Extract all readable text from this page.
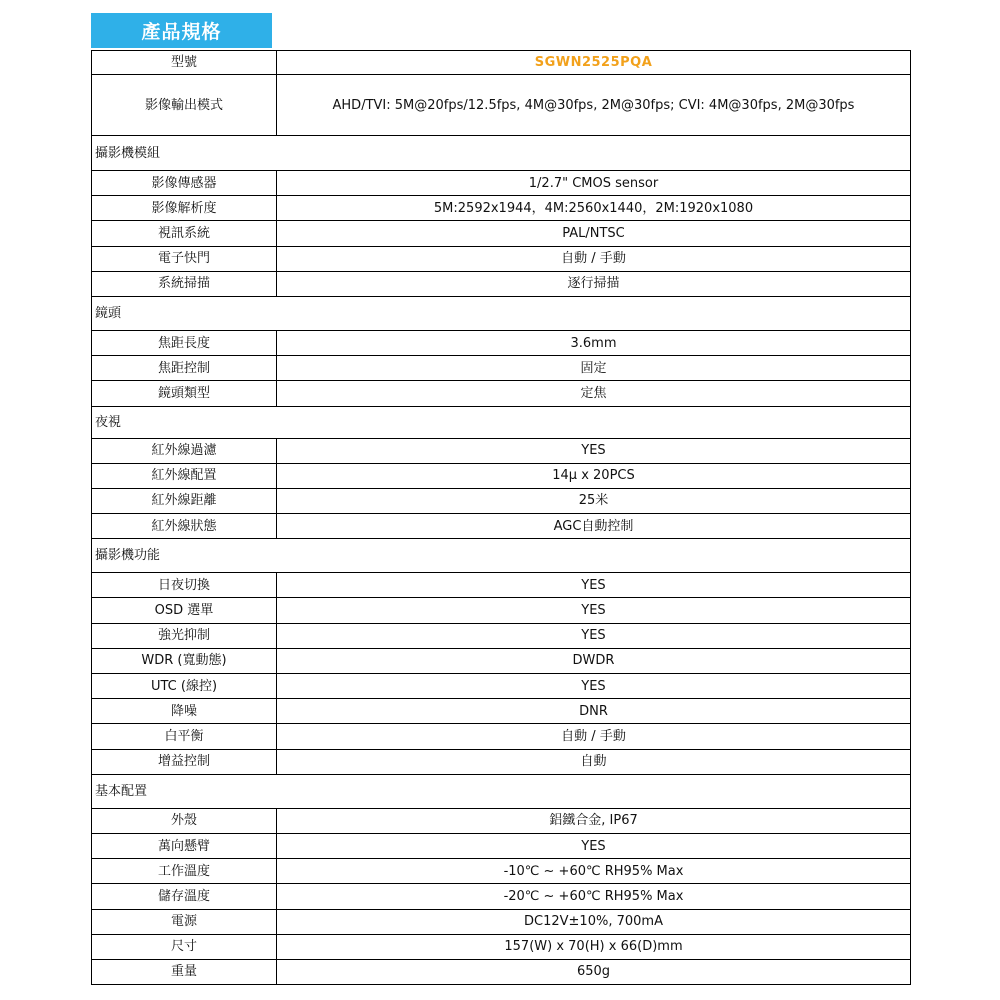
產品規格
型號	SGWN2525PQA
影像輸出模式	AHD/TVI: 5M@20fps/12.5fps, 4M@30fps, 2M@30fps; CVI: 4M@30fps, 2M@30fps
攝影機模組	
影像傳感器	1/2.7" CMOS sensor
影像解析度	5M:2592x1944，4M:2560x1440，2M:1920x1080
視訊系統	PAL/NTSC
電子快門	自動 / 手動
系統掃描	逐行掃描
鏡頭	
焦距長度	3.6mm
焦距控制	固定
鏡頭類型	定焦
夜視	
紅外線過濾	YES
紅外線配置	14μ x 20PCS
紅外線距離	25米
紅外線狀態	AGC自動控制
攝影機功能	
日夜切換	YES
OSD 選單	YES
強光抑制	YES
WDR (寬動態)	DWDR
UTC (線控)	YES
降噪	DNR
白平衡	自動 / 手動
增益控制	自動
基本配置	
外殼	鋁鐵合金, IP67
萬向懸臂	YES
工作溫度	-10℃ ~ +60℃ RH95% Max
儲存溫度	-20℃ ~ +60℃ RH95% Max
電源	DC12V±10%, 700mA
尺寸	157(W) x 70(H) x 66(D)mm
重量	650g
